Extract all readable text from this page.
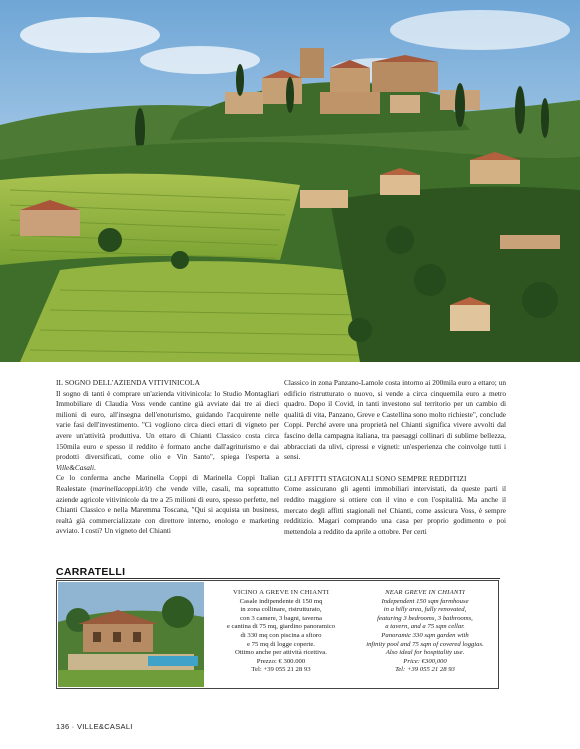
IL SOGNO DELL'AZIENDA VITIVINICOLA

Il sogno di tanti è comprare un'azienda vitivinicola: lo Studio Montagliari Immobiliare di Claudia Voss vende cantine già avviate dai tre ai dieci milioni di euro, all'insegna dell'enoturismo, guidando l'acquirente nelle varie fasi dell'investimento. "Ci vogliono circa dieci ettari di vigneto per avere un'attività produttiva. Un ettaro di Chianti Classico costa circa 150mila euro e spesso il reddito è formato anche dall'agriturismo e dai prodotti diversificati, come olio e Vin Santo", spiega l'esperta a Ville&Casali.

Ce lo conferma anche Marinella Coppi di Marinella Coppi Italian Realestate (marinellacoppi.it/it) che vende ville, casali, ma soprattutto aziende agricole vitivinicole da tre a 25 milioni di euro, spesso perfette, nel Chianti Classico e nella Maremma Toscana, "Qui si acquista un business, realtà già commercializzate con direttore interno, enologo e marketing avviato. I costi? Un vigneto del Chianti

Classico in zona Panzano-Lamole costa intorno ai 200mila euro a ettaro; un edificio ristrutturato o nuovo, si vende a circa cinquemila euro a metro quadro. Dopo il Covid, in tanti investono sul territorio per un cambio di qualità di vita, Panzano, Greve e Castellina sono molto richieste", conclude Coppi. Perché avere una proprietà nel Chianti significa vivere avvolti dal fascino della campagna italiana, tra paesaggi collinari di sublime bellezza, abbracciati da ulivi, cipressi e vigneti: un'esperienza che coinvolge tutti i sensi.

GLI AFFITTI STAGIONALI SONO SEMPRE REDDITIZI

Come assicurano gli agenti immobiliari intervistati, da queste parti il reddito maggiore si ottiere con il vino e con l'ospitalità. Ma anche il mercato degli affitti stagionali nel Chianti, come assicura Voss, è sempre redditizio. Magari comprando una casa per proprio godimento e poi mettendola a reddito da aprile a ottobre. Per certi

CARRATELLI

VICINO A GREVE IN CHIANTI

Casale indipendente di 150 mq

in zona collinare, ristrutturato,

con 3 camere, 3 bagni, taverna

e cantina di 75 mq, giardino panoramico

di 330 mq con piscina a sfioro

e 75 mq di logge coperte.

Ottimo anche per attività ricettiva.

Prezzo: € 300.000

Tel: +39 055 21 28 93

NEAR GREVE IN CHIANTI

Independent 150 sqm farmhouse

in a hilly area, fully renovated,

featuring 3 bedrooms, 3 bathrooms,

a tavern, and a 75 sqm cellar.

Panoramic 330 sqm garden with

infinity pool and 75 sqm of covered loggias.

Also ideal for hospitality use.

Price: €300,000

Tel: +39 055 21 28 93

136 · VILLE&CASALI
